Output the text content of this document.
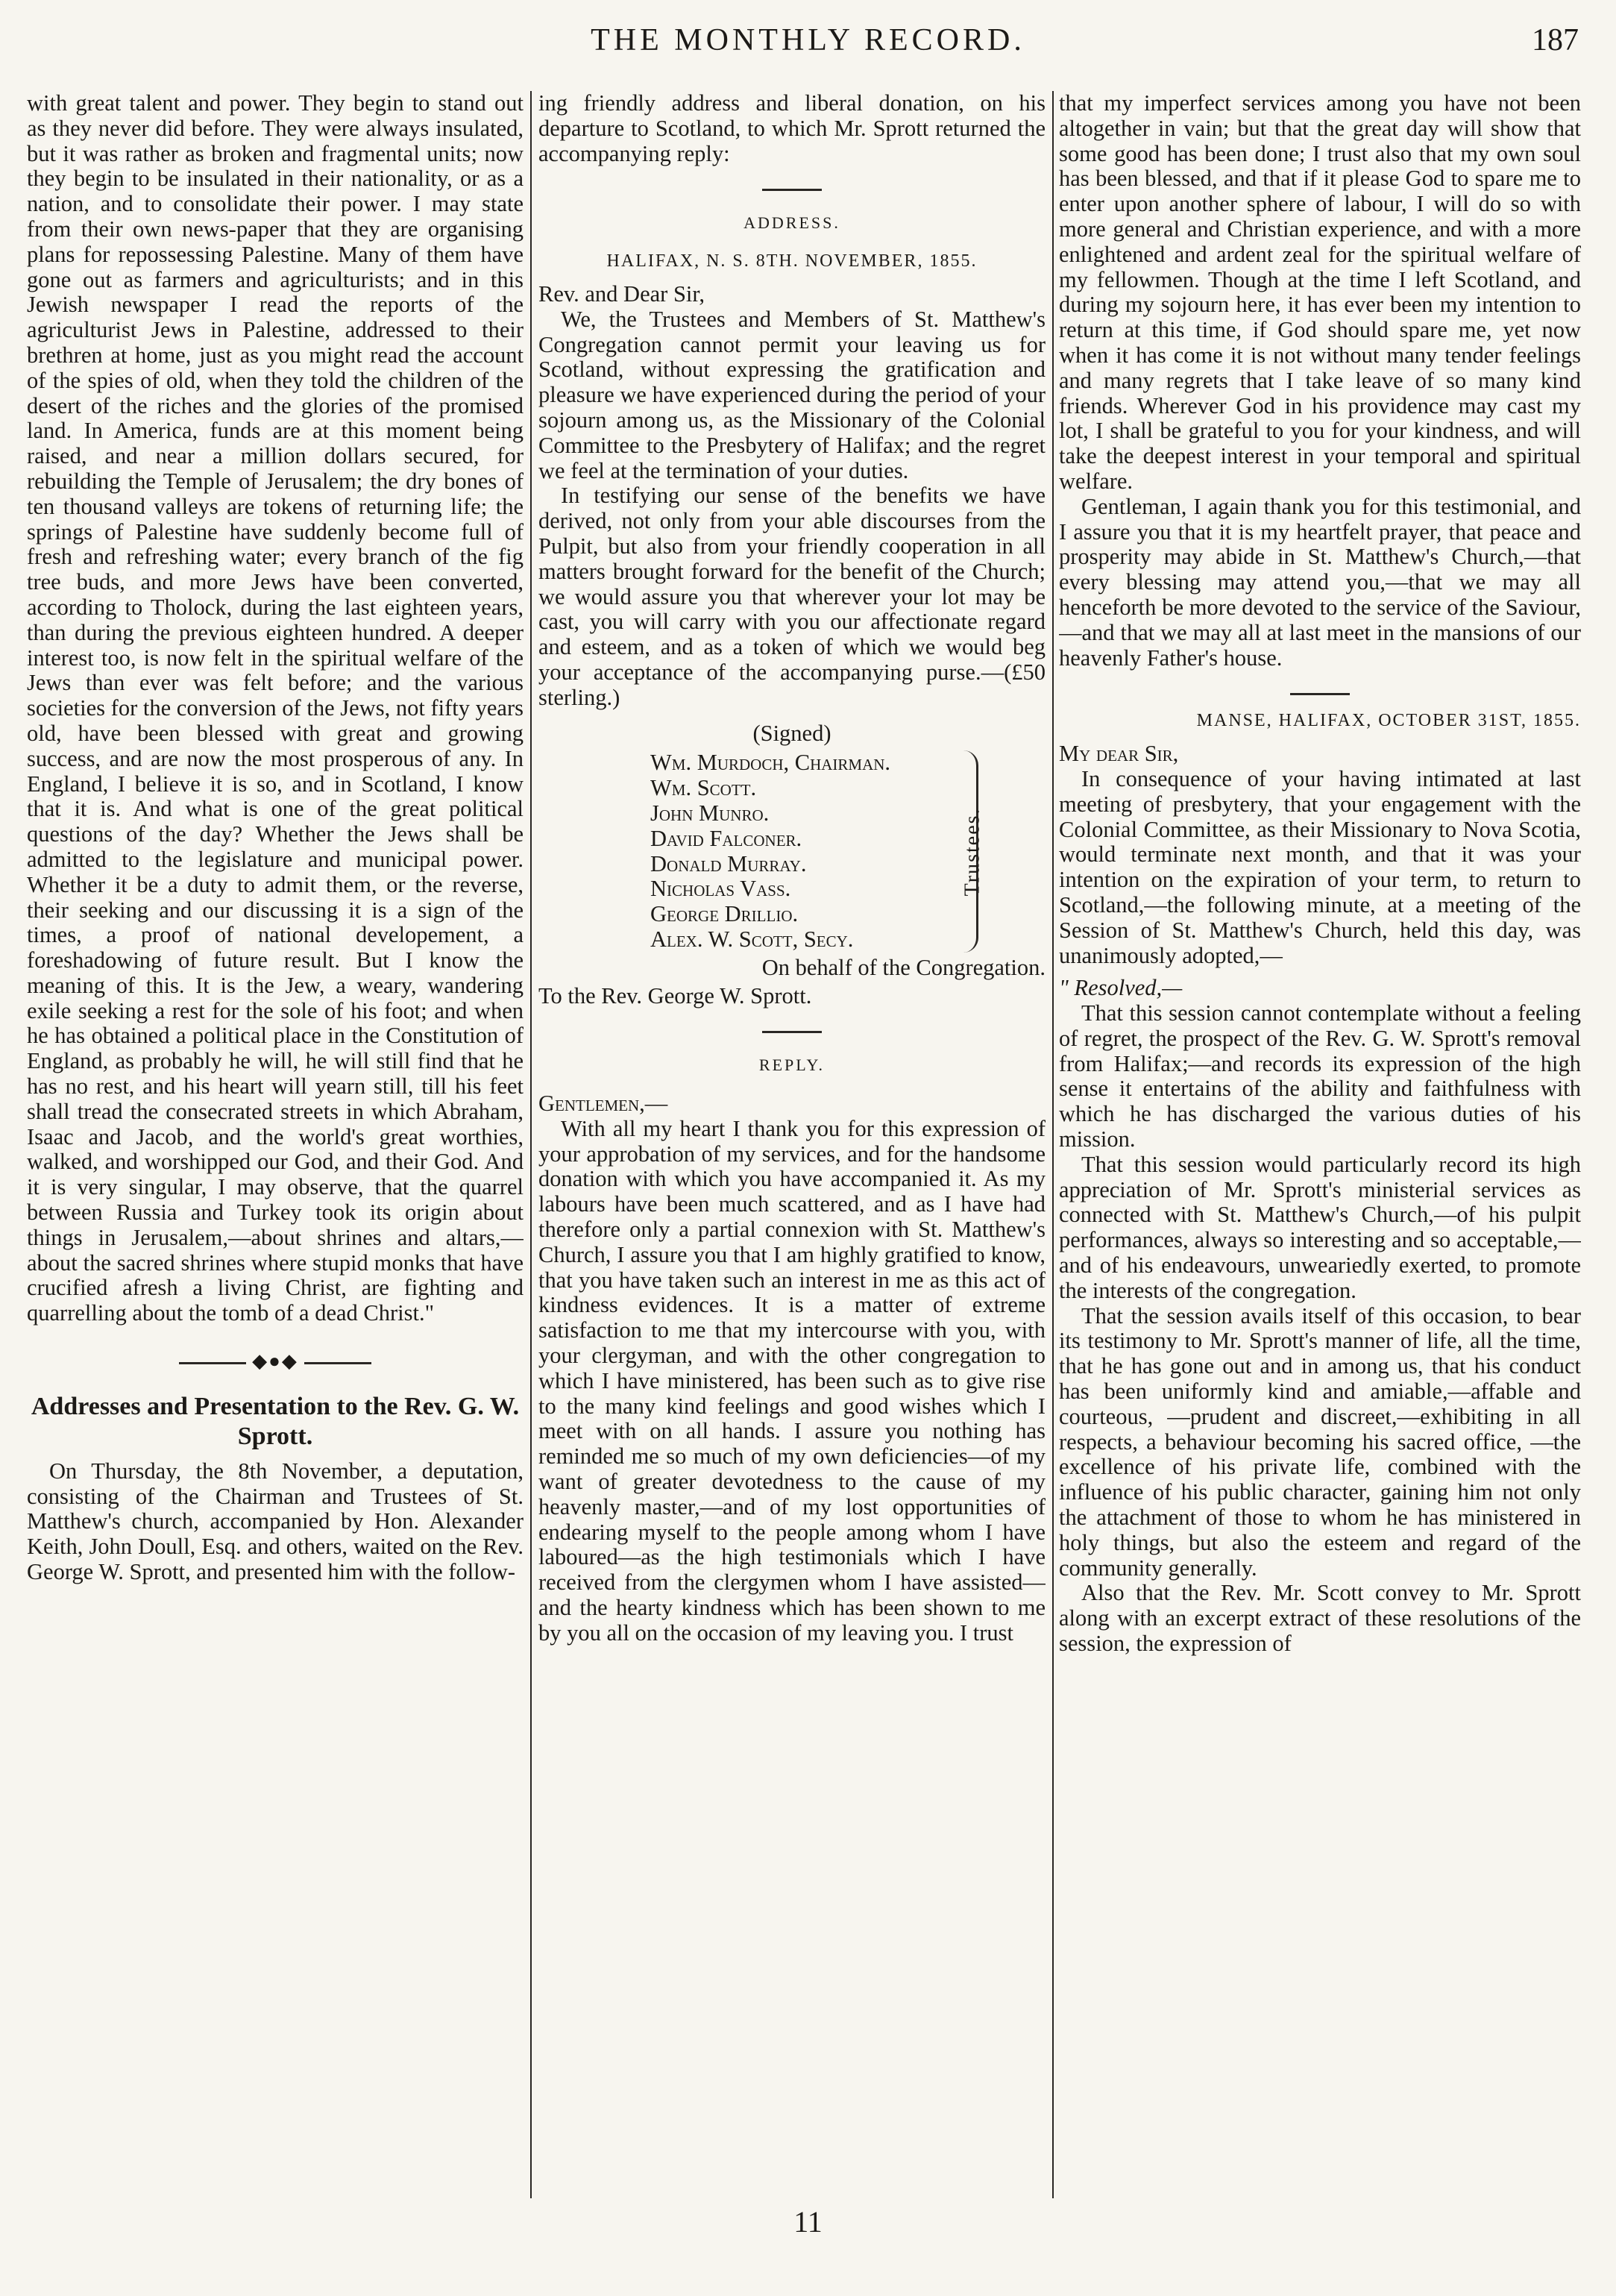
THE MONTHLY RECORD.	187

with great talent and power. They begin to stand out as they never did before. They were always insulated, but it was rather as broken and fragmental units; now they begin to be insulated in their nationality, or as a nation, and to consolidate their power. I may state from their own news-paper that they are organising plans for repossessing Palestine. Many of them have gone out as farmers and agriculturists; and in this Jewish newspaper I read the reports of the agriculturist Jews in Palestine, addressed to their brethren at home, just as you might read the account of the spies of old, when they told the children of the desert of the riches and the glories of the promised land. In America, funds are at this moment being raised, and near a million dollars secured, for rebuilding the Temple of Jerusalem; the dry bones of ten thousand valleys are tokens of returning life; the springs of Palestine have suddenly become full of fresh and refreshing water; every branch of the fig tree buds, and more Jews have been converted, according to Tholock, during the last eighteen years, than during the previous eighteen hundred. A deeper interest too, is now felt in the spiritual welfare of the Jews than ever was felt before; and the various societies for the conversion of the Jews, not fifty years old, have been blessed with great and growing success, and are now the most prosperous of any. In England, I believe it is so, and in Scotland, I know that it is. And what is one of the great political questions of the day? Whether the Jews shall be admitted to the legislature and municipal power. Whether it be a duty to admit them, or the reverse, their seeking and our discussing it is a sign of the times, a proof of national developement, a foreshadowing of future result. But I know the meaning of this. It is the Jew, a weary, wandering exile seeking a rest for the sole of his foot; and when he has obtained a political place in the Constitution of England, as probably he will, he will still find that he has no rest, and his heart will yearn still, till his feet shall tread the consecrated streets in which Abraham, Isaac and Jacob, and the world's great worthies, walked, and worshipped our God, and their God. And it is very singular, I may observe, that the quarrel between Russia and Turkey took its origin about things in Jerusalem,—about shrines and altars,—about the sacred shrines where stupid monks that have crucified afresh a living Christ, are fighting and quarrelling about the tomb of a dead Christ."

◆●◆
Addresses and Presentation to the Rev. G. W. Sprott.

On Thursday, the 8th November, a deputation, consisting of the Chairman and Trustees of St. Matthew's church, accompanied by Hon. Alexander Keith, John Doull, Esq. and others, waited on the Rev. George W. Sprott, and presented him with the follow-

ing friendly address and liberal donation, on his departure to Scotland, to which Mr. Sprott returned the accompanying reply:

ADDRESS.
HALIFAX, N. S. 8TH. NOVEMBER, 1855.

Rev. and Dear Sir,

We, the Trustees and Members of St. Matthew's Congregation cannot permit your leaving us for Scotland, without expressing the gratification and pleasure we have experienced during the period of your sojourn among us, as the Missionary of the Colonial Committee to the Presbytery of Halifax; and the regret we feel at the termination of your duties.

In testifying our sense of the benefits we have derived, not only from your able discourses from the Pulpit, but also from your friendly cooperation in all matters brought forward for the benefit of the Church; we would assure you that wherever your lot may be cast, you will carry with you our affectionate regard and esteem, and as a token of which we would beg your acceptance of the accompanying purse.—(£50 sterling.)

(Signed)
Wm. Murdoch, Chairman.
Wm. Scott.
John Munro.
David Falconer.
Donald Murray.
Nicholas Vass.
George Drillio.
Alex. W. Scott, Secy.
Trustees.
On behalf of the Congregation.
To the Rev. George W. Sprott.
REPLY.

Gentlemen,—

With all my heart I thank you for this expression of your approbation of my services, and for the handsome donation with which you have accompanied it. As my labours have been much scattered, and as I have had therefore only a partial connexion with St. Matthew's Church, I assure you that I am highly gratified to know, that you have taken such an interest in me as this act of kindness evidences. It is a matter of extreme satisfaction to me that my intercourse with you, with your clergyman, and with the other congregation to which I have ministered, has been such as to give rise to the many kind feelings and good wishes which I meet with on all hands. I assure you nothing has reminded me so much of my own deficiencies—of my want of greater devotedness to the cause of my heavenly master,—and of my lost opportunities of endearing myself to the people among whom I have laboured—as the high testimonials which I have received from the clergymen whom I have assisted—and the hearty kindness which has been shown to me by you all on the occasion of my leaving you. I trust

that my imperfect services among you have not been altogether in vain; but that the great day will show that some good has been done; I trust also that my own soul has been blessed, and that if it please God to spare me to enter upon another sphere of labour, I will do so with more general and Christian experience, and with a more enlightened and ardent zeal for the spiritual welfare of my fellowmen. Though at the time I left Scotland, and during my sojourn here, it has ever been my intention to return at this time, if God should spare me, yet now when it has come it is not without many tender feelings and many regrets that I take leave of so many kind friends. Wherever God in his providence may cast my lot, I shall be grateful to you for your kindness, and will take the deepest interest in your temporal and spiritual welfare.

Gentleman, I again thank you for this testimonial, and I assure you that it is my heartfelt prayer, that peace and prosperity may abide in St. Matthew's Church,—that every blessing may attend you,—that we may all henceforth be more devoted to the service of the Saviour,—and that we may all at last meet in the mansions of our heavenly Father's house.

MANSE, HALIFAX, OCTOBER 31ST, 1855.

My dear Sir,

In consequence of your having intimated at last meeting of presbytery, that your engagement with the Colonial Committee, as their Missionary to Nova Scotia, would terminate next month, and that it was your intention on the expiration of your term, to return to Scotland,—the following minute, at a meeting of the Session of St. Matthew's Church, held this day, was unanimously adopted,—

" Resolved,—

That this session cannot contemplate without a feeling of regret, the prospect of the Rev. G. W. Sprott's removal from Halifax;—and records its expression of the high sense it entertains of the ability and faithfulness with which he has discharged the various duties of his mission.

That this session would particularly record its high appreciation of Mr. Sprott's ministerial services as connected with St. Matthew's Church,—of his pulpit performances, always so interesting and so acceptable,—and of his endeavours, unweariedly exerted, to promote the interests of the congregation.

That the session avails itself of this occasion, to bear its testimony to Mr. Sprott's manner of life, all the time, that he has gone out and in among us, that his conduct has been uniformly kind and amiable,—affable and courteous, —prudent and discreet,—exhibiting in all respects, a behaviour becoming his sacred office, —the excellence of his private life, combined with the influence of his public character, gaining him not only the attachment of those to whom he has ministered in holy things, but also the esteem and regard of the community generally.

Also that the Rev. Mr. Scott convey to Mr. Sprott along with an excerpt extract of these resolutions of the session, the expression of

11
